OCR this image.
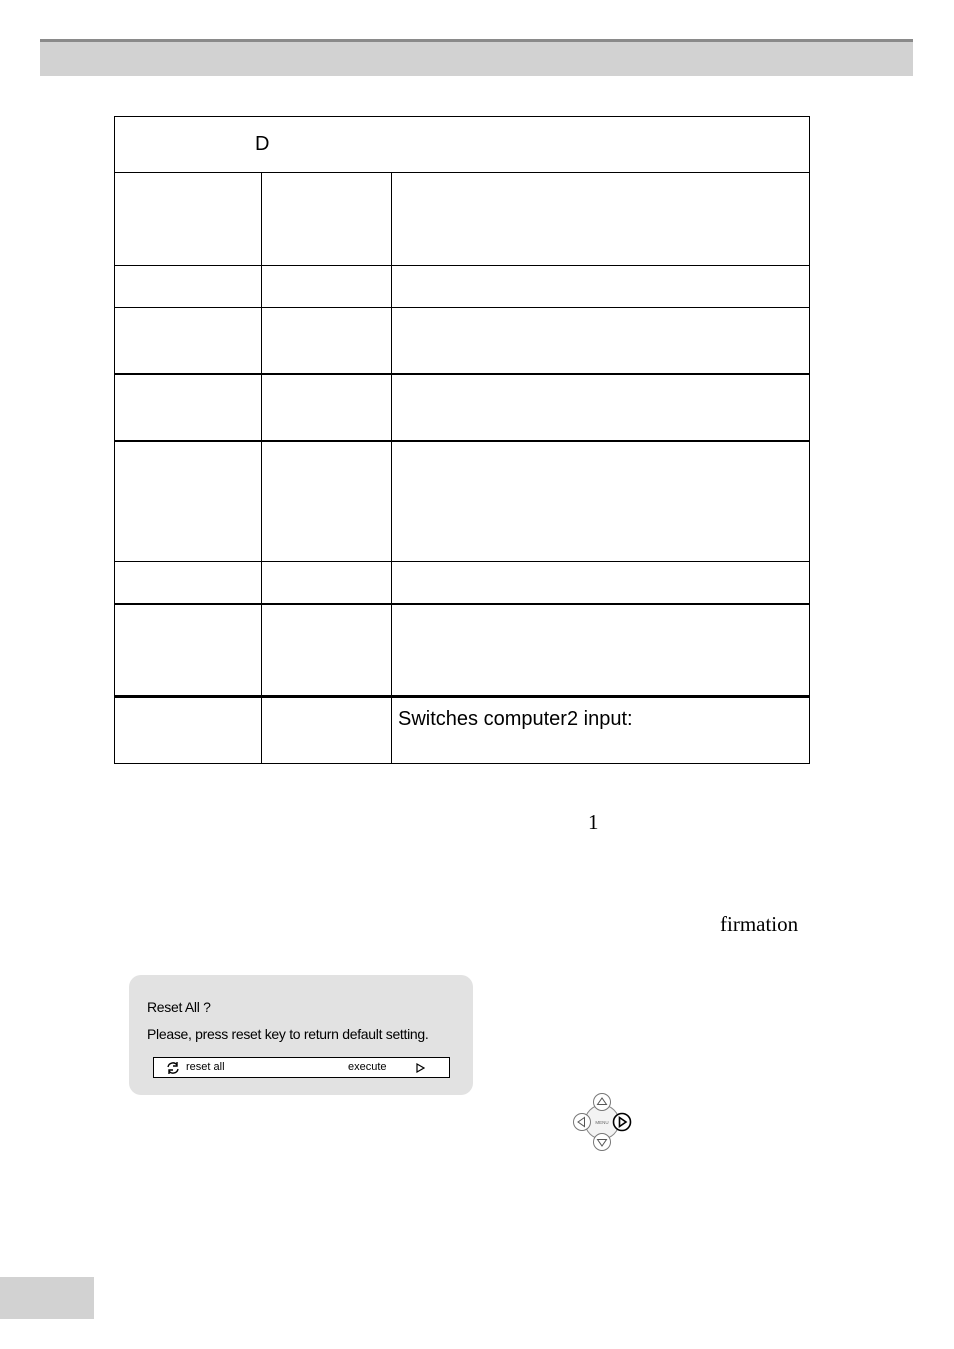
D		

		Switches computer2 input:
1
firmation
Reset All ?
Please, press reset key to return default setting.
reset all	execute
MENU
